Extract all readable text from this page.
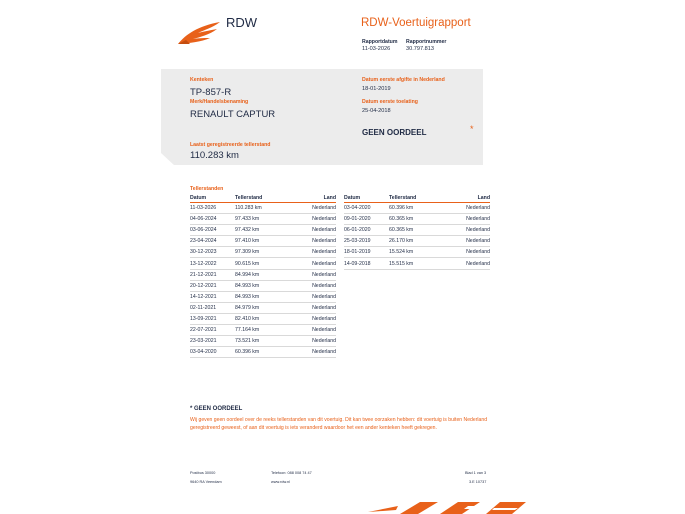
RDW	RDW-Voertuigrapport
Rapportdatum
11-03-2026
Rapportnummer
30.797.813
Kenteken
TP-857-R
Merk/Handelsbenaming
RENAULT CAPTUR
Laatst geregistreerde tellerstand
110.283 km
Datum eerste afgifte in Nederland
18-01-2019
Datum eerste toelating
25-04-2018
GEEN OORDEEL	*
Tellerstanden
Datum	Tellerstand	Land
11-03-2026	110.283 km	Nederland
04-06-2024	97.433 km	Nederland
03-06-2024	97.432 km	Nederland
23-04-2024	97.410 km	Nederland
30-12-2023	97.309 km	Nederland
13-12-2022	90.615 km	Nederland
21-12-2021	84.994 km	Nederland
20-12-2021	84.993 km	Nederland
14-12-2021	84.993 km	Nederland
02-11-2021	84.979 km	Nederland
13-09-2021	82.410 km	Nederland
22-07-2021	77.164 km	Nederland
23-03-2021	73.521 km	Nederland
03-04-2020	60.396 km	Nederland
Datum	Tellerstand	Land
03-04-2020	60.396 km	Nederland
09-01-2020	60.365 km	Nederland
06-01-2020	60.365 km	Nederland
25-03-2019	26.170 km	Nederland
18-01-2019	15.524 km	Nederland
14-09-2018	15.515 km	Nederland
* GEEN OORDEEL
Wij geven geen oordeel over de reeks tellerstanden van dit voertuig. Dit kan twee oorzaken hebben: dit voertuig is buiten Nederland geregistreerd geweest, of aan dit voertuig is iets veranderd waardoor het een ander kenteken heeft gekregen.
Postbus 30000
9640 RA Veendam
Telefoon: 088 008 74 47
www.rdw.nl
Blad 1 van 3
3.E 10737
